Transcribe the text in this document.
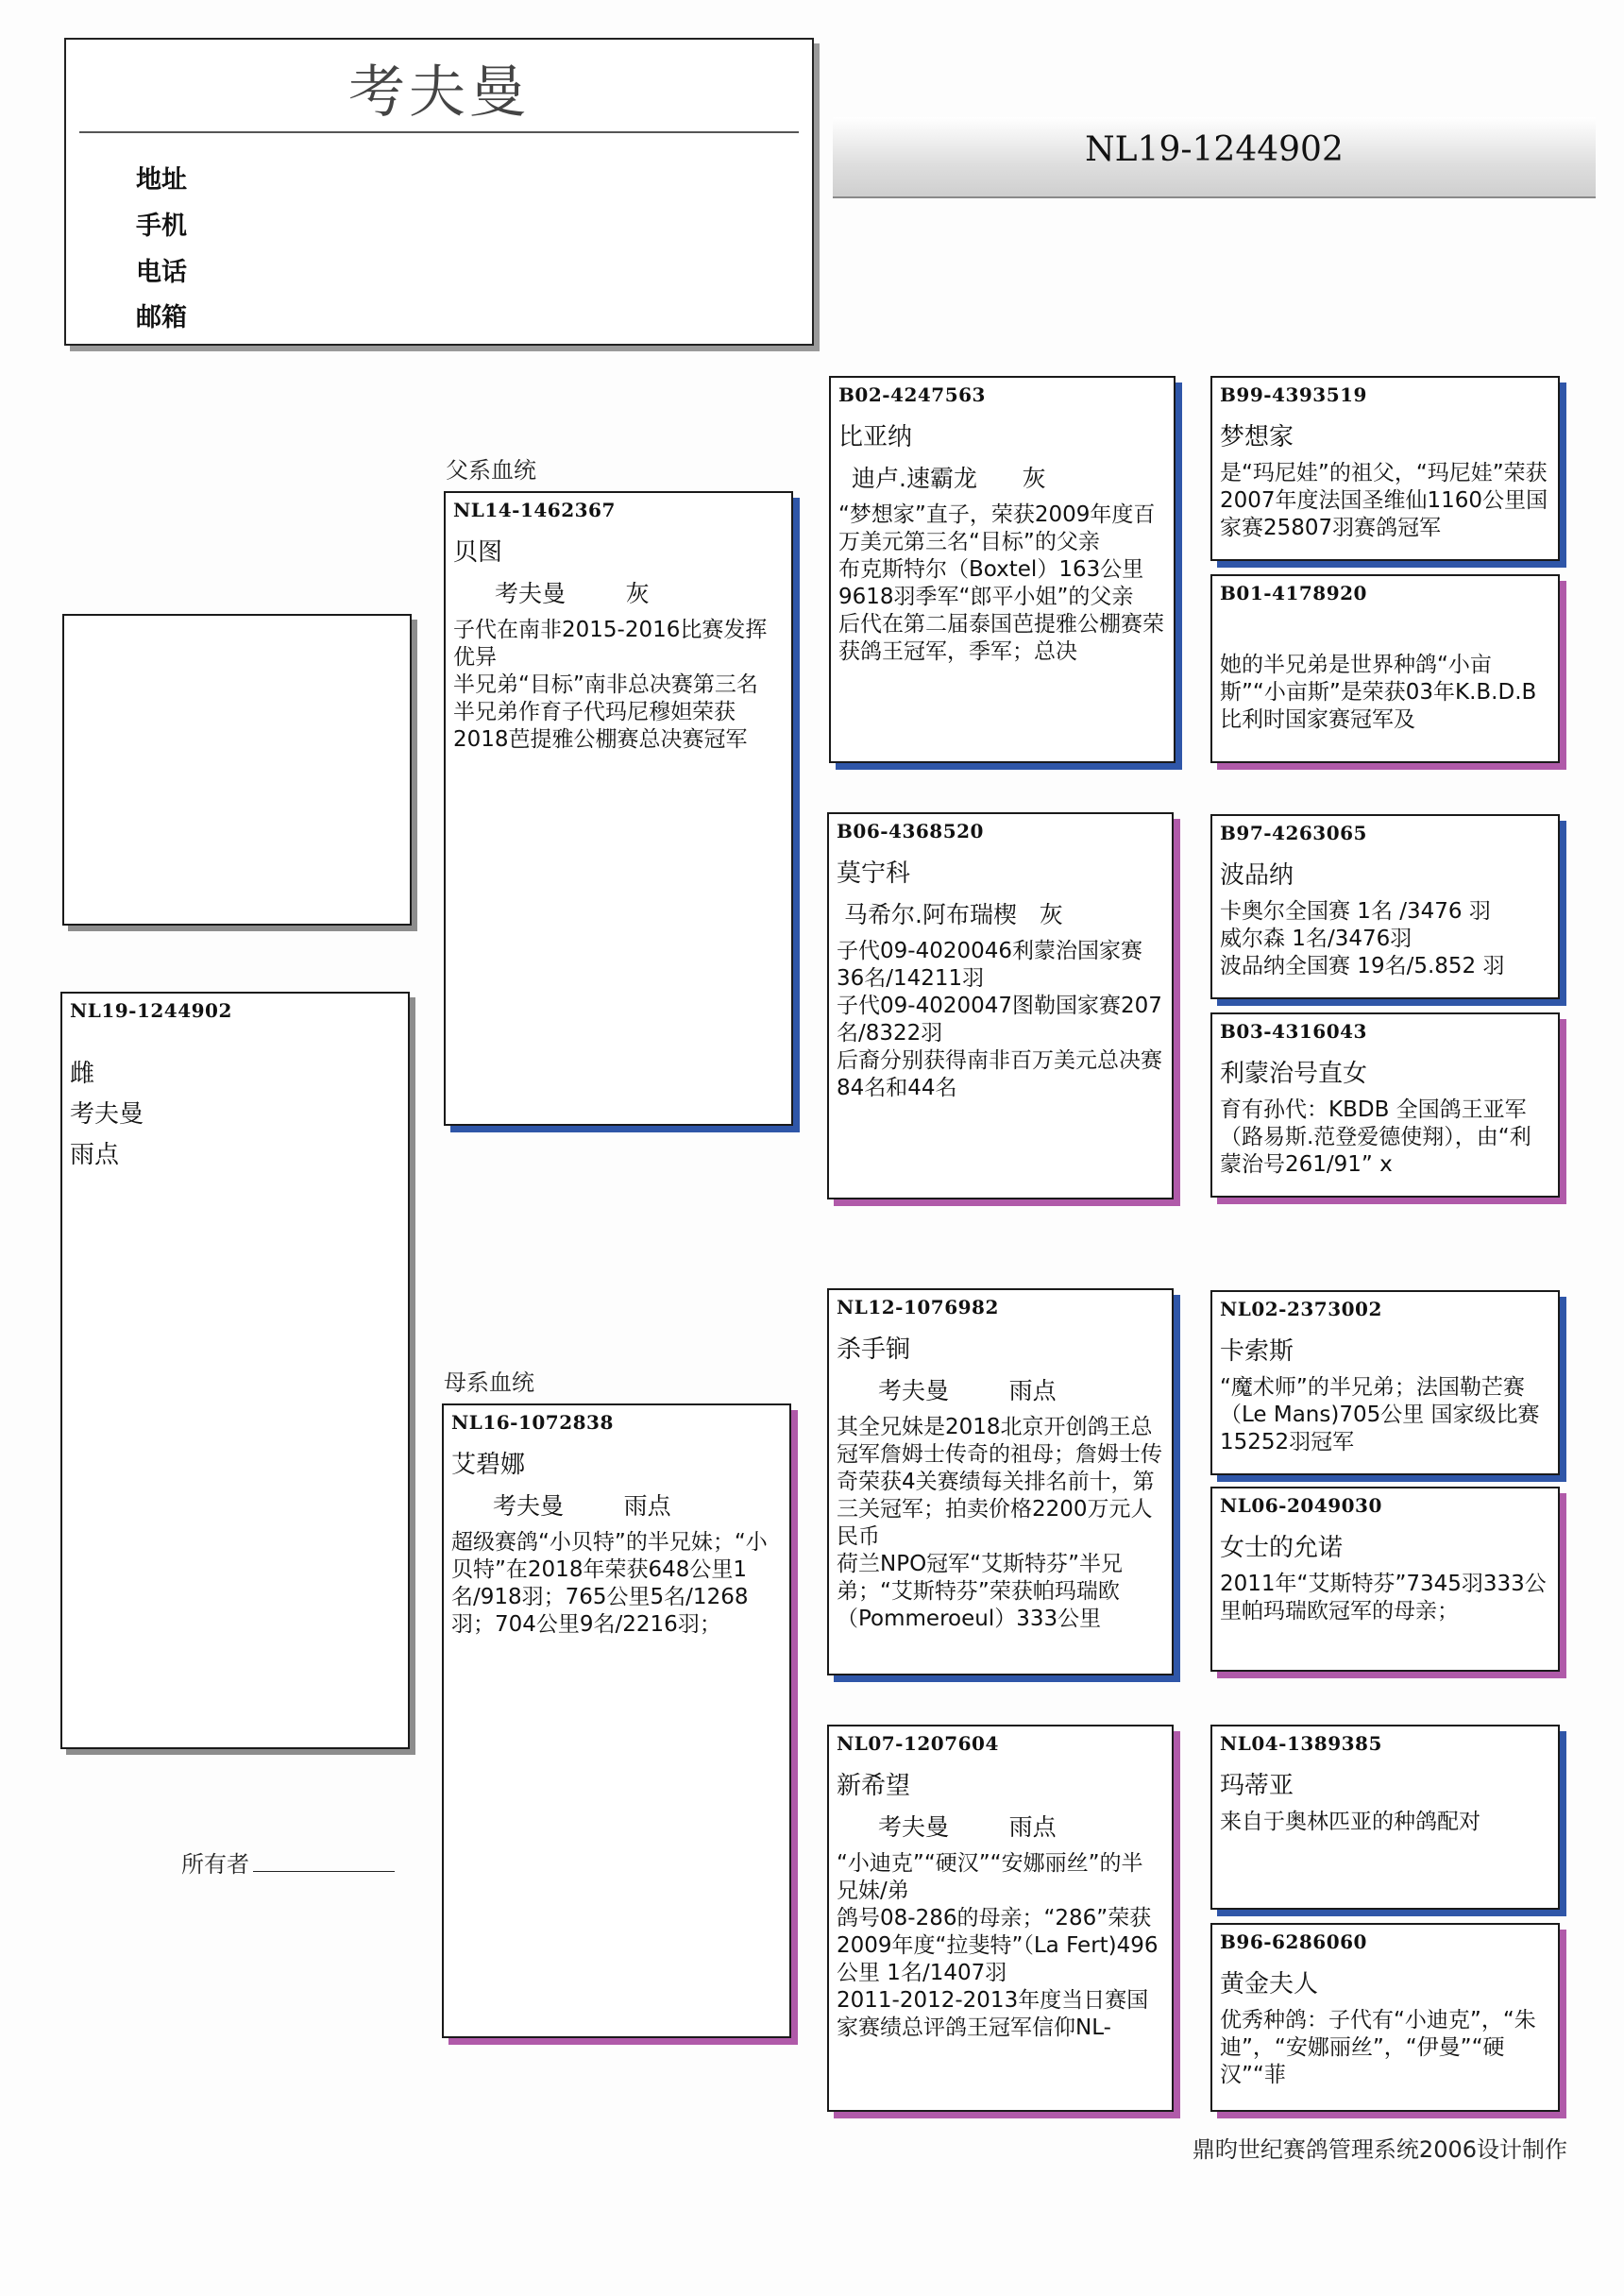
考夫曼
地址
手机
电话
邮箱
NL19-1244902
NL19-1244902
雌
考夫曼
雨点
父系血统
母系血统
NL14-1462367
贝图
考夫曼        灰

子代在南非2015-2016比赛发挥优异

半兄弟“目标”南非总决赛第三名

半兄弟作育子代玛尼穆妲荣获2018芭提雅公棚赛总决赛冠军

NL16-1072838
艾碧娜
考夫曼        雨点

超级赛鸽“小贝特”的半兄妹；“小贝特”在2018年荣获648公里1名/918羽；765公里5名/1268羽；704公里9名/2216羽；

B02-4247563
比亚纳
迪卢.速霸龙      灰

“梦想家”直子，荣获2009年度百万美元第三名“目标”的父亲

布克斯特尔（Boxtel）163公里9618羽季军“郎平小姐”的父亲

后代在第二届泰国芭提雅公棚赛荣获鸽王冠军，季军；总决

B06-4368520
莫宁科
马希尔.阿布瑞楔   灰

子代09-4020046利蒙治国家赛36名/14211羽

子代09-4020047图勒国家赛207名/8322羽

后裔分别获得南非百万美元总决赛84名和44名

NL12-1076982
杀手锏
考夫曼        雨点

其全兄妹是2018北京开创鸽王总冠军詹姆士传奇的祖母；詹姆士传奇荣获4关赛绩每关排名前十，第三关冠军；拍卖价格2200万元人民币

荷兰NPO冠军“艾斯特芬”半兄弟；“艾斯特芬”荣获帕玛瑞欧（Pommeroeul）333公里

NL07-1207604
新希望
考夫曼        雨点

“小迪克”“硬汉”“安娜丽丝”的半兄妹/弟

鸽号08-286的母亲；“286”荣获2009年度“拉斐特”（La Fert)496公里 1名/1407羽

2011-2012-2013年度当日赛国家赛绩总评鸽王冠军信仰NL-

B99-4393519
梦想家

是“玛尼娃”的祖父，“玛尼娃”荣获2007年度法国圣维仙1160公里国家赛25807羽赛鸽冠军

B01-4178920

她的半兄弟是世界种鸽“小亩斯”“小亩斯”是荣获03年K.B.D.B比利时国家赛冠军及

B97-4263065
波品纳

卡奥尔全国赛 1名 /3476 羽

威尔森 1名/3476羽

波品纳全国赛 19名/5.852 羽

B03-4316043
利蒙治号直女

育有孙代：KBDB 全国鸽王亚军（路易斯.范登爱德使翔），由“利蒙治号261/91” x

NL02-2373002
卡索斯

“魔术师”的半兄弟；法国勒芒赛（Le Mans)705公里 国家级比赛15252羽冠军

NL06-2049030
女士的允诺

2011年“艾斯特芬”7345羽333公里帕玛瑞欧冠军的母亲；

NL04-1389385
玛蒂亚

来自于奥林匹亚的种鸽配对

B96-6286060
黄金夫人

优秀种鸽：子代有“小迪克”，“朱迪”，“安娜丽丝”，“伊曼”“硬汉”“菲

所有者
鼎昀世纪赛鸽管理系统2006设计制作
